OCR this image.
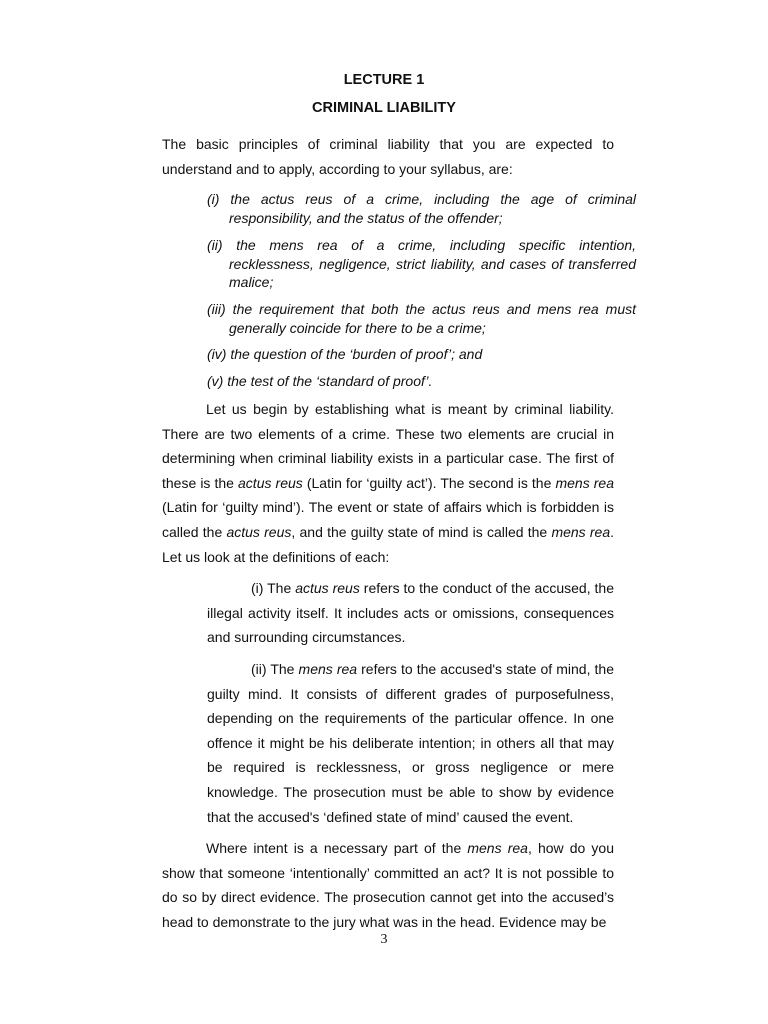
LECTURE 1
CRIMINAL LIABILITY

The basic principles of criminal liability that you are expected to understand and to apply, according to your syllabus, are:

(i) the actus reus of a crime, including the age of criminal responsibility, and the status of the offender;

(ii) the mens rea of a crime, including specific intention, recklessness, negligence, strict liability, and cases of transferred malice;

(iii) the requirement that both the actus reus and mens rea must generally coincide for there to be a crime;

(iv) the question of the ‘burden of proof’; and

(v) the test of the ‘standard of proof’.

Let us begin by establishing what is meant by criminal liability. There are two elements of a crime. These two elements are crucial in determining when criminal liability exists in a particular case. The first of these is the actus reus (Latin for ‘guilty act’). The second is the mens rea (Latin for ‘guilty mind’). The event or state of affairs which is forbidden is called the actus reus, and the guilty state of mind is called the mens rea. Let us look at the definitions of each:

(i) The actus reus refers to the conduct of the accused, the illegal activity itself. It includes acts or omissions, consequences and surrounding circumstances.

(ii) The mens rea refers to the accused's state of mind, the guilty mind. It consists of different grades of purposefulness, depending on the requirements of the particular offence. In one offence it might be his deliberate intention; in others all that may be required is recklessness, or gross negligence or mere knowledge. The prosecution must be able to show by evidence that the accused's ‘defined state of mind’ caused the event.

Where intent is a necessary part of the mens rea, how do you show that someone ‘intentionally’ committed an act? It is not possible to do so by direct evidence. The prosecution cannot get into the accused’s head to demonstrate to the jury what was in the head. Evidence may be

3
